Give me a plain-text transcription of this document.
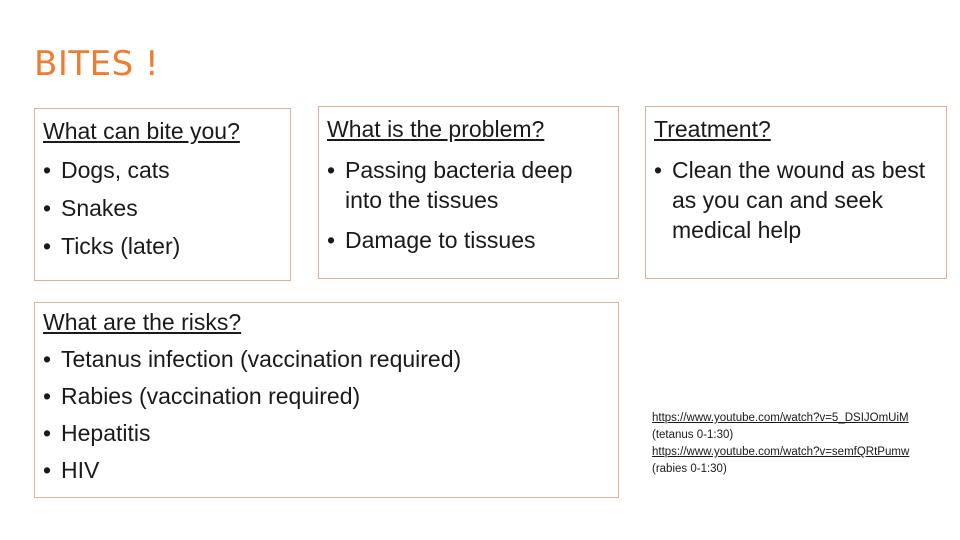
BITES !
What can bite you?
• Dogs, cats
• Snakes
• Ticks (later)
What is the problem?
• Passing bacteria deep into the tissues
• Damage to tissues
Treatment?
• Clean the wound as best as you can and seek medical help
What are the risks?
• Tetanus infection (vaccination required)
• Rabies (vaccination required)
• Hepatitis
• HIV
https://www.youtube.com/watch?v=5_DSIJOmUiM (tetanus 0-1:30)
https://www.youtube.com/watch?v=semfQRtPumw (rabies 0-1:30)
